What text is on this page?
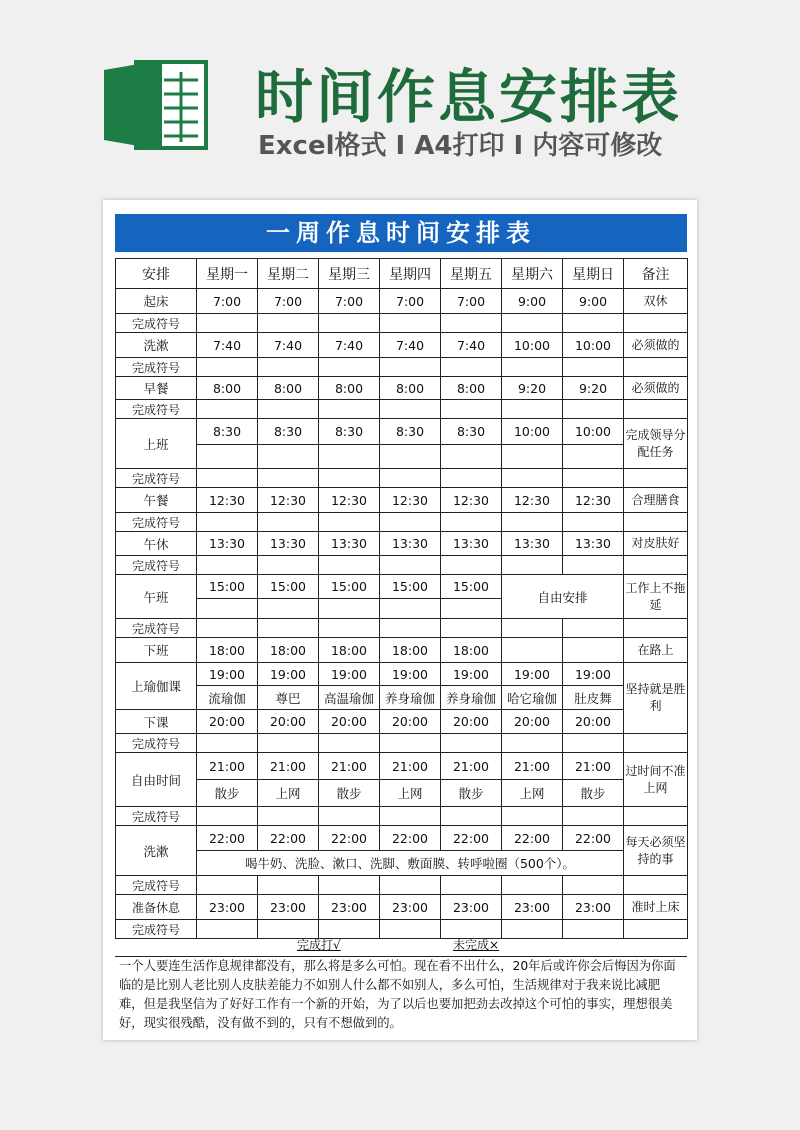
时间作息安排表
Excel格式 I A4打印 I 内容可修改
一周作息时间安排表
安排	星期一	星期二	星期三	星期四	星期五	星期六	星期日	备注
起床	7:00	7:00	7:00	7:00	7:00	9:00	9:00	双休
完成符号								
洗漱	7:40	7:40	7:40	7:40	7:40	10:00	10:00	必须做的
完成符号								
早餐	8:00	8:00	8:00	8:00	8:00	9:20	9:20	必须做的
完成符号								
上班	8:30	8:30	8:30	8:30	8:30	10:00	10:00	完成领导分配任务

完成符号								
午餐	12:30	12:30	12:30	12:30	12:30	12:30	12:30	合理膳食
完成符号								
午休	13:30	13:30	13:30	13:30	13:30	13:30	13:30	对皮肤好
完成符号								
午班	15:00	15:00	15:00	15:00	15:00	自由安排		工作上不拖延

完成符号								
下班	18:00	18:00	18:00	18:00	18:00			在路上
上瑜伽课	19:00	19:00	19:00	19:00	19:00	19:00	19:00	坚持就是胜利
	流瑜伽	尊巴	高温瑜伽	养身瑜伽	养身瑜伽	哈它瑜伽	肚皮舞	
下课	20:00	20:00	20:00	20:00	20:00	20:00	20:00	
完成符号								
自由时间	21:00	21:00	21:00	21:00	21:00	21:00	21:00	过时间不准上网
	散步	上网	散步	上网	散步	上网	散步	
完成符号								
洗漱	22:00	22:00	22:00	22:00	22:00	22:00	22:00	每天必须坚持的事
	喝牛奶、洗脸、漱口、洗脚、敷面膜、转呼啦圈（500个）。							
完成符号								
准备休息	23:00	23:00	23:00	23:00	23:00	23:00	23:00	准时上床
完成符号								
完成打√	未完成×
一个人要连生活作息规律都没有，那么将是多么可怕。现在看不出什么，20年后或许你会后悔因为你面临的是比别人老比别人皮肤差能力不如别人什么都不如别人，多么可怕，生活规律对于我来说比减肥难，但是我坚信为了好好工作有一个新的开始，为了以后也要加把劲去改掉这个可怕的事实，理想很美好，现实很残酷，没有做不到的，只有不想做到的。
